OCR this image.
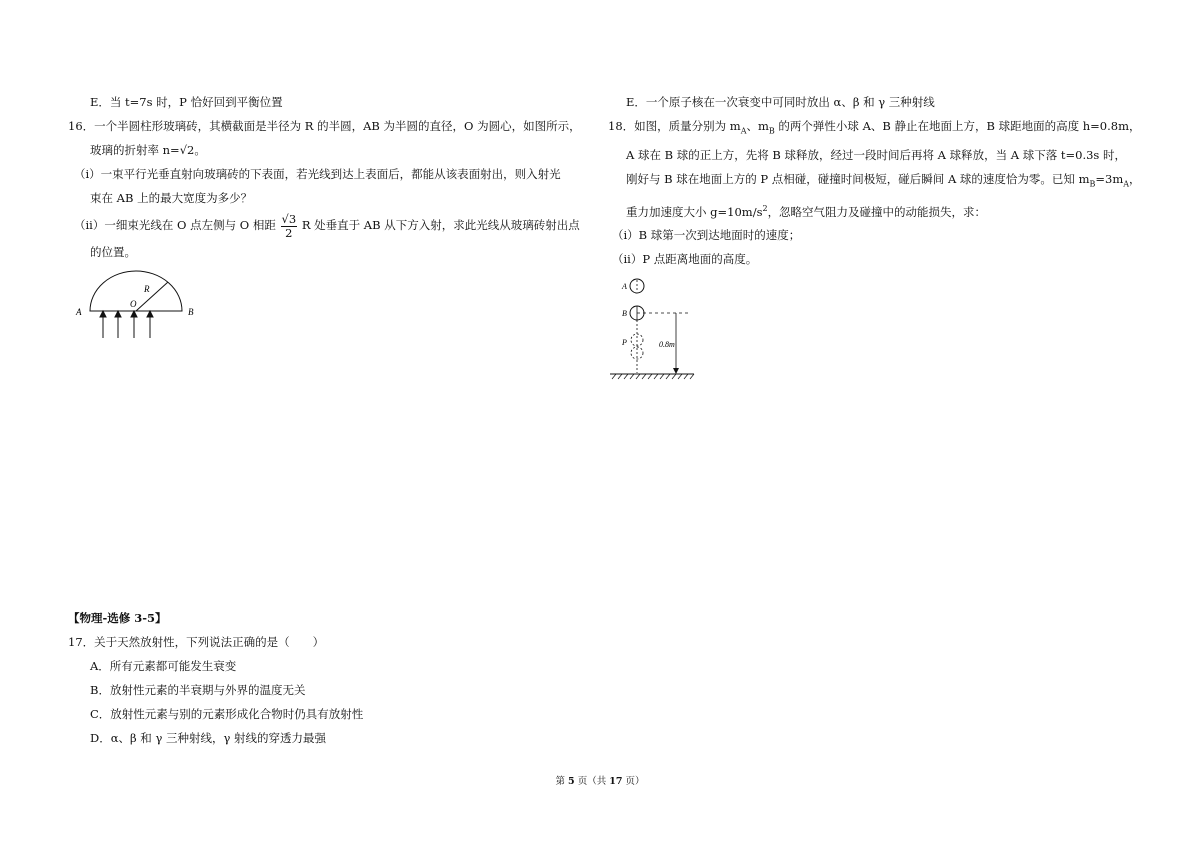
E．当 t=7s 时，P 恰好回到平衡位置
16．一个半圆柱形玻璃砖，其横截面是半径为 R 的半圆，AB 为半圆的直径，O 为圆心，如图所示，
玻璃的折射率 n=√2。
（i）一束平行光垂直射向玻璃砖的下表面，若光线到达上表面后，都能从该表面射出，则入射光
束在 AB 上的最大宽度为多少？
（ii）一细束光线在 O 点左侧与 O 相距 $\frac{√3}{2}$ R 处垂直于 AB 从下方入射，求此光线从玻璃砖射出点
的位置。
A	B
O
R
【物理-选修 3-5】
17．关于天然放射性，下列说法正确的是（　　）
A．所有元素都可能发生衰变
B．放射性元素的半衰期与外界的温度无关
C．放射性元素与别的元素形成化合物时仍具有放射性
D．α、β 和 γ 三种射线，γ 射线的穿透力最强
E．一个原子核在一次衰变中可同时放出 α、β 和 γ 三种射线
18．如图，质量分别为 $m_A$、$m_B$ 的两个弹性小球 A、B 静止在地面上方，B 球距地面的高度 h=0.8m，
A 球在 B 球的正上方，先将 B 球释放，经过一段时间后再将 A 球释放，当 A 球下落 t=0.3s 时，
刚好与 B 球在地面上方的 P 点相碰，碰撞时间极短，碰后瞬间 A 球的速度恰为零。已知 $m_B=3m_A$，
重力加速度大小 $g=10m/s^2$，忽略空气阻力及碰撞中的动能损失，求：
（i）B 球第一次到达地面时的速度；
（ii）P 点距离地面的高度。
A
B
P	0.8m
第 5 页（共 17 页）
